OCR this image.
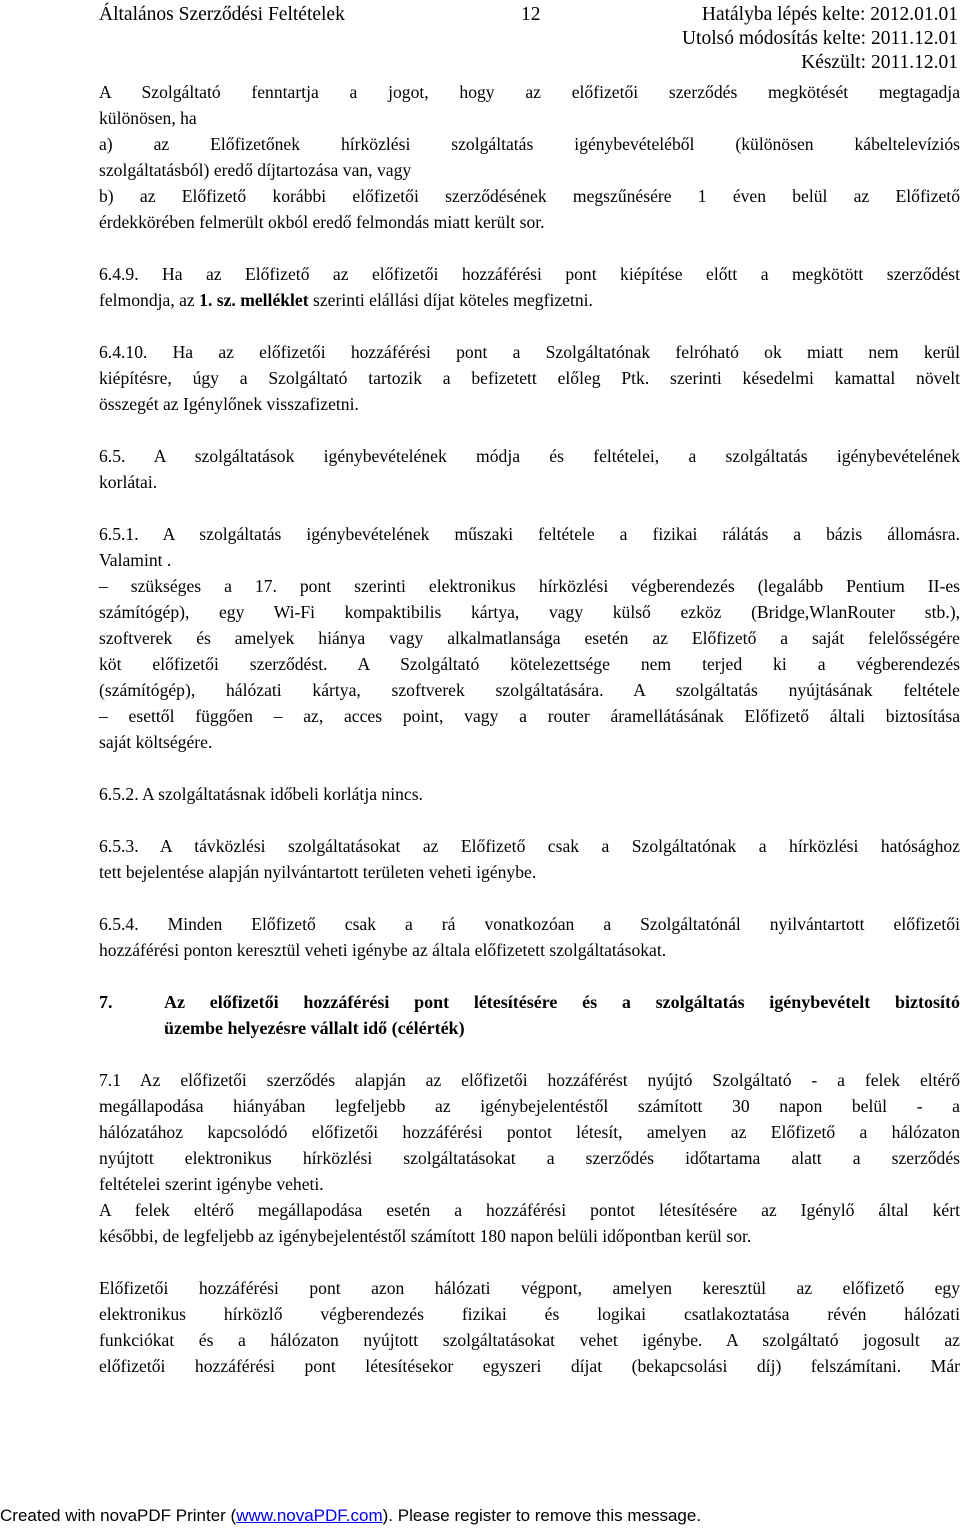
Általános Szerződési Feltételek	12	Hatályba lépés kelte: 2012.01.01
Utolsó módosítás kelte: 2011.12.01
Készült: 2011.12.01

A Szolgáltató fenntartja a jogot, hogy az előfizetői szerződés megkötését megtagadja
különösen, ha
a) az Előfizetőnek hírközlési szolgáltatás igénybevételéből (különösen kábeltelevíziós
szolgáltatásból) eredő díjtartozása van, vagy
b) az Előfizető korábbi előfizetői szerződésének megszűnésére 1 éven belül az Előfizető
érdekkörében felmerült okból eredő felmondás miatt került sor.

6.4.9. Ha az Előfizető az előfizetői hozzáférési pont kiépítése előtt a megkötött szerződést
felmondja, az 1. sz. melléklet szerinti elállási díjat köteles megfizetni.

6.4.10. Ha az előfizetői hozzáférési pont a Szolgáltatónak felróható ok miatt nem kerül
kiépítésre, úgy a Szolgáltató tartozik a befizetett előleg Ptk. szerinti késedelmi kamattal növelt
összegét az Igénylőnek visszafizetni.

6.5. A szolgáltatások igénybevételének módja és feltételei, a szolgáltatás igénybevételének
korlátai.

6.5.1. A szolgáltatás igénybevételének műszaki feltétele a fizikai rálátás a bázis állomásra.
Valamint .
– szükséges a 17. pont szerinti elektronikus hírközlési végberendezés (legalább Pentium II-es
számítógép), egy Wi-Fi kompaktibilis kártya, vagy külső ezköz (Bridge,WlanRouter stb.),
szoftverek és amelyek hiánya vagy alkalmatlansága esetén az Előfizető a saját felelősségére
köt előfizetői szerződést. A Szolgáltató kötelezettsége nem terjed ki a végberendezés
(számítógép), hálózati kártya, szoftverek szolgáltatására. A szolgáltatás nyújtásának feltétele
– esettől függően – az, acces point, vagy a router áramellátásának Előfizető általi biztosítása
saját költségére.

6.5.2. A szolgáltatásnak időbeli korlátja nincs.

6.5.3. A távközlési szolgáltatásokat az Előfizető csak a Szolgáltatónak a hírközlési hatósághoz
tett bejelentése alapján nyilvántartott területen veheti igénybe.

6.5.4. Minden Előfizető csak a rá vonatkozóan a Szolgáltatónál nyilvántartott előfizetői
hozzáférési ponton keresztül veheti igénybe az általa előfizetett szolgáltatásokat.

7.	Az előfizetői hozzáférési pont létesítésére és a szolgáltatás igénybevételt biztosító
üzembe helyezésre vállalt idő (célérték)

7.1 Az előfizetői szerződés alapján az előfizetői hozzáférést nyújtó Szolgáltató - a felek eltérő
megállapodása hiányában legfeljebb az igénybejelentéstől számított 30 napon belül - a
hálózatához kapcsolódó előfizetői hozzáférési pontot létesít, amelyen az Előfizető a hálózaton
nyújtott elektronikus hírközlési szolgáltatásokat a szerződés időtartama alatt a szerződés
feltételei szerint igénybe veheti.
A felek eltérő megállapodása esetén a hozzáférési pontot létesítésére az Igénylő által kért
későbbi, de legfeljebb az igénybejelentéstől számított 180 napon belüli időpontban kerül sor.

Előfizetői hozzáférési pont azon hálózati végpont, amelyen keresztül az előfizető egy
elektronikus hírközlő végberendezés fizikai és logikai csatlakoztatása révén hálózati
funkciókat és a hálózaton nyújtott szolgáltatásokat vehet igénybe. A szolgáltató jogosult az
előfizetői hozzáférési pont létesítésekor egyszeri díjat (bekapcsolási díj) felszámítani. Már

Created with novaPDF Printer (www.novaPDF.com). Please register to remove this message.
